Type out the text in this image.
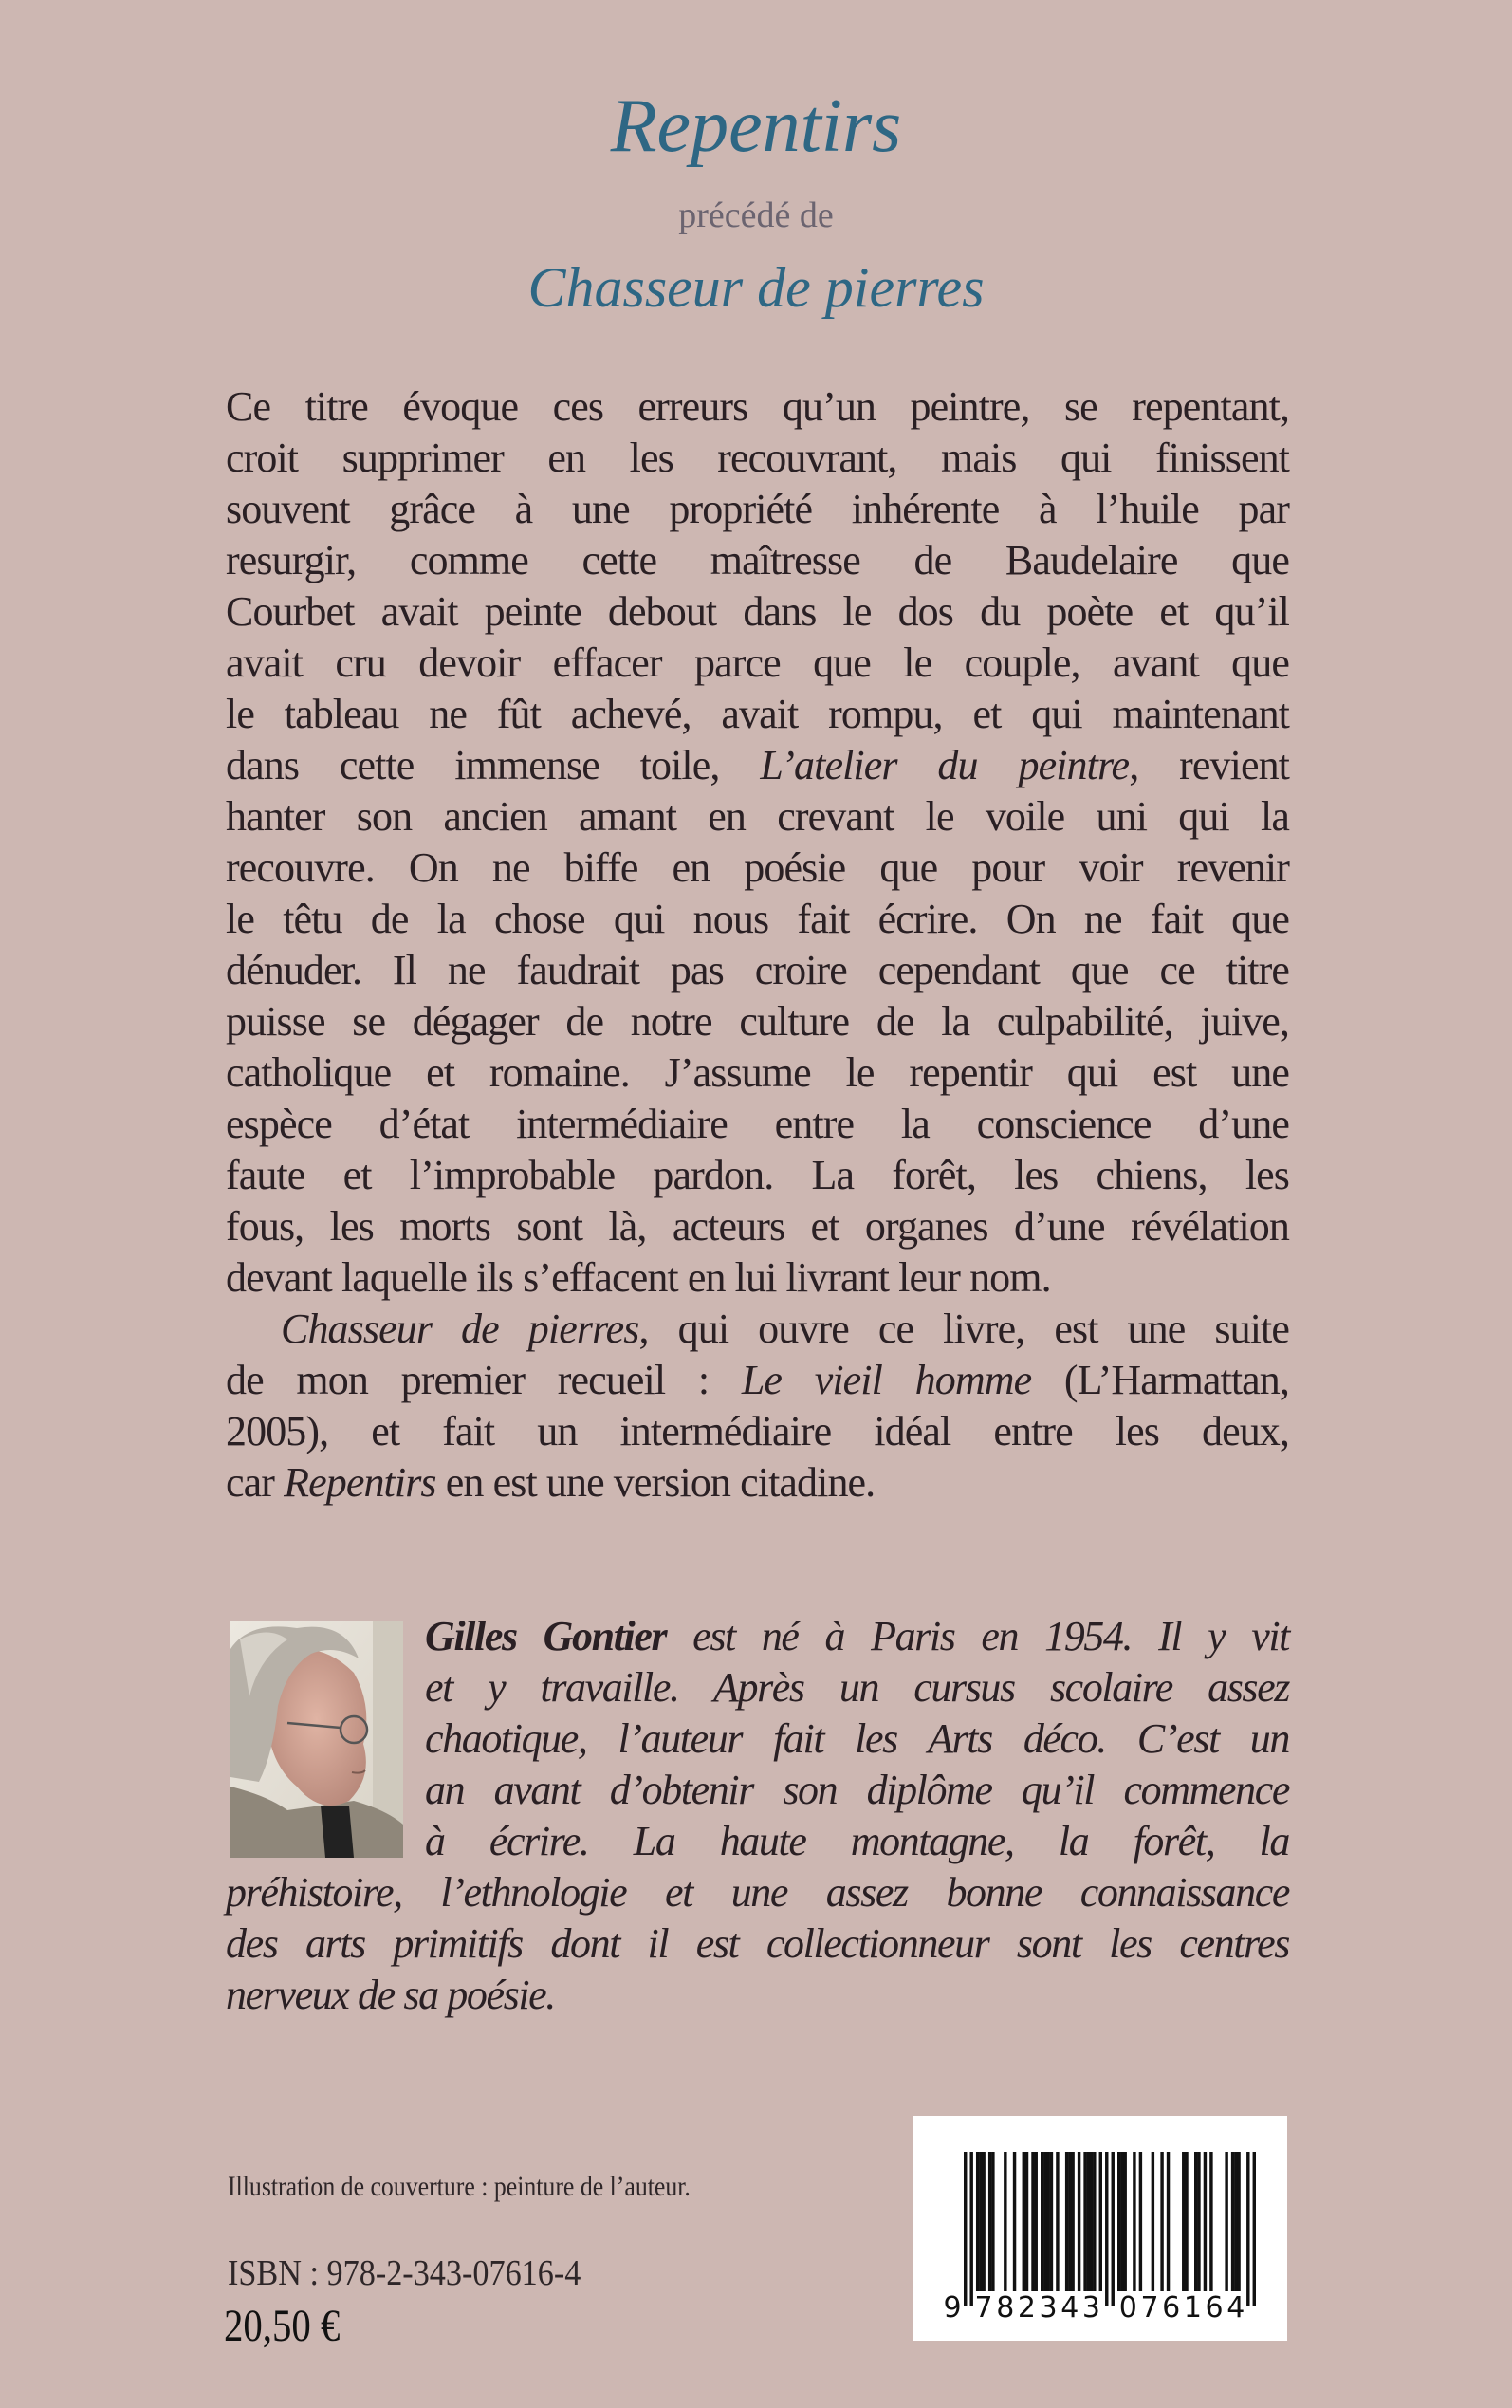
Repentirs
précédé de
Chasseur de pierres
Ce titre évoque ces erreurs qu’un peintre, se repentant,
croit supprimer en les recouvrant, mais qui finissent
souvent grâce à une propriété inhérente à l’huile par
resurgir, comme cette maîtresse de Baudelaire que
Courbet avait peinte debout dans le dos du poète et qu’il
avait cru devoir effacer parce que le couple, avant que
le tableau ne fût achevé, avait rompu, et qui maintenant
dans cette immense toile, L’atelier du peintre, revient
hanter son ancien amant en crevant le voile uni qui la
recouvre. On ne biffe en poésie que pour voir revenir
le têtu de la chose qui nous fait écrire. On ne fait que
dénuder. Il ne faudrait pas croire cependant que ce titre
puisse se dégager de notre culture de la culpabilité, juive,
catholique et romaine. J’assume le repentir qui est une
espèce d’état intermédiaire entre la conscience d’une
faute et l’improbable pardon. La forêt, les chiens, les
fous, les morts sont là, acteurs et organes d’une révélation
devant laquelle ils s’effacent en lui livrant leur nom.
Chasseur de pierres, qui ouvre ce livre, est une suite
de mon premier recueil : Le vieil homme (L’Harmattan,
2005), et fait un intermédiaire idéal entre les deux,
car Repentirs en est une version citadine.
Gilles Gontier est né à Paris en 1954. Il y vit
et y travaille. Après un cursus scolaire assez
chaotique, l’auteur fait les Arts déco. C’est un
an avant d’obtenir son diplôme qu’il commence
à écrire. La haute montagne, la forêt, la
préhistoire, l’ethnologie et une assez bonne connaissance
des arts primitifs dont il est collectionneur sont les centres
nerveux de sa poésie.
Illustration de couverture : peinture de l’auteur.
ISBN : 978-2-343-07616-4
20,50 €	9 7 8 2 3 4 3 0 7 6 1 6 4
